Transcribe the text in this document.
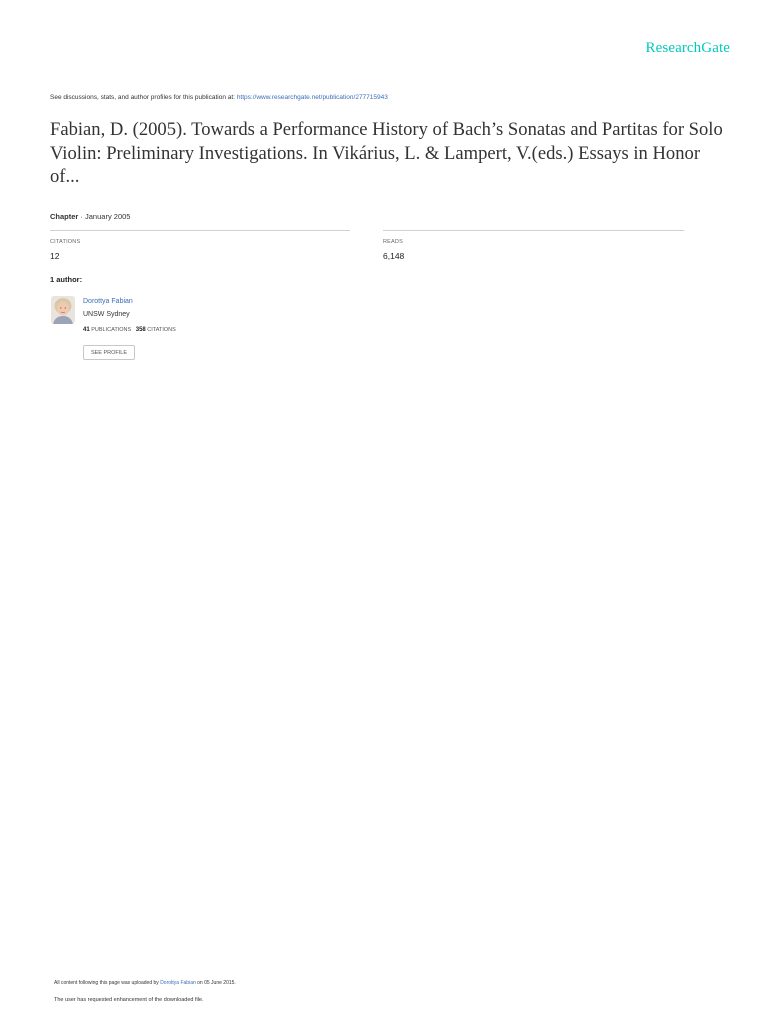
ResearchGate
See discussions, stats, and author profiles for this publication at: https://www.researchgate.net/publication/277715943
Fabian, D. (2005). Towards a Performance History of Bach’s Sonatas and Partitas for Solo Violin: Preliminary Investigations. In Vikárius, L. & Lampert, V.(eds.) Essays in Honor of...
Chapter · January 2005
CITATIONS
12
READS
6,148
1 author:
Dorottya Fabian
UNSW Sydney
41 PUBLICATIONS 358 CITATIONS
SEE PROFILE
All content following this page was uploaded by Dorottya Fabian on 05 June 2015.
The user has requested enhancement of the downloaded file.
